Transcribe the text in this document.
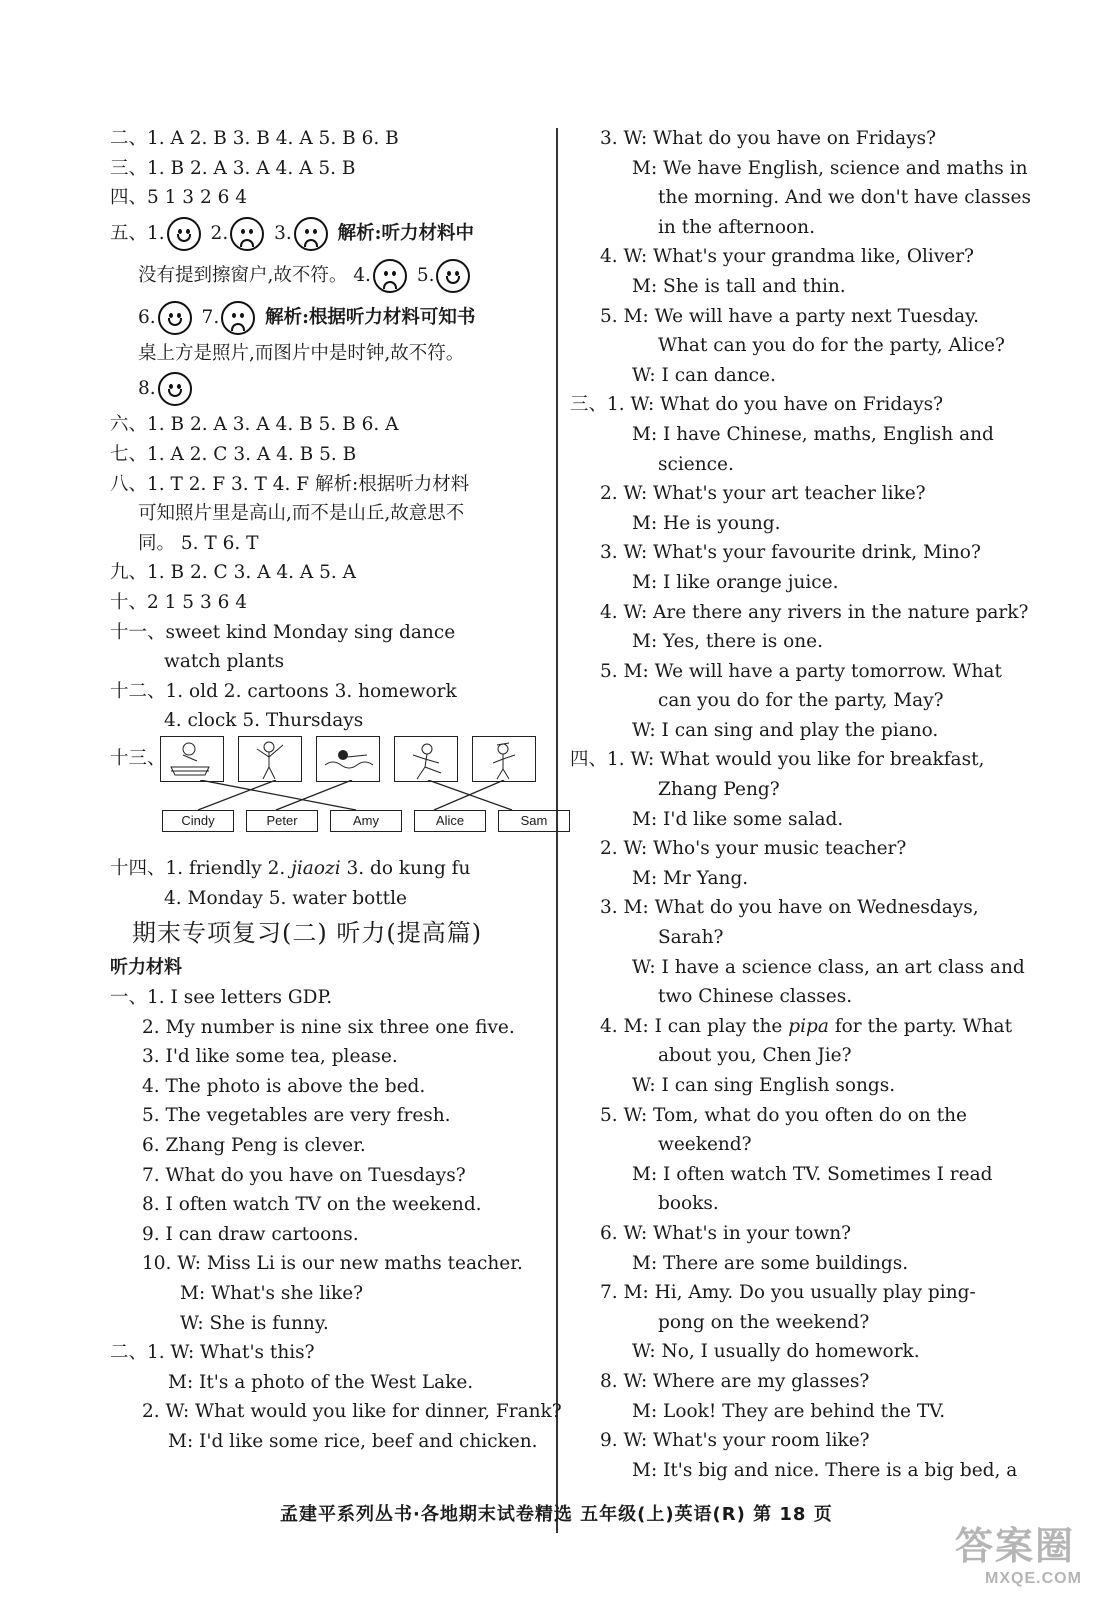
二、1. A 2. B 3. B 4. A 5. B 6. B
三、1. B 2. A 3. A 4. A 5. B
四、5 1 3 2 6 4
五、1. 2. 3. 解析:听力材料中
没有提到擦窗户,故不符。 4. 5.
6. 7. 解析:根据听力材料可知书
桌上方是照片,而图片中是时钟,故不符。
8.
六、1. B 2. A 3. A 4. B 5. B 6. A
七、1. A 2. C 3. A 4. B 5. B
八、1. T 2. F 3. T 4. F 解析:根据听力材料
可知照片里是高山,而不是山丘,故意思不
同。 5. T 6. T
九、1. B 2. C 3. A 4. A 5. A
十、2 1 5 3 6 4
十一、sweet kind Monday sing dance
watch plants
十二、1. old 2. cartoons 3. homework
4. clock 5. Thursdays
十三、
Cindy	Peter	Amy	Alice	Sam
十四、1. friendly 2. jiaozi 3. do kung fu
4. Monday 5. water bottle
期末专项复习(二) 听力(提高篇)
听力材料
一、1. I see letters GDP.
2. My number is nine six three one five.
3. I'd like some tea, please.
4. The photo is above the bed.
5. The vegetables are very fresh.
6. Zhang Peng is clever.
7. What do you have on Tuesdays?
8. I often watch TV on the weekend.
9. I can draw cartoons.
10. W: Miss Li is our new maths teacher.
M: What's she like?
W: She is funny.
二、1. W: What's this?
M: It's a photo of the West Lake.
2. W: What would you like for dinner, Frank?
M: I'd like some rice, beef and chicken.
3. W: What do you have on Fridays?
M: We have English, science and maths in
the morning. And we don't have classes
in the afternoon.
4. W: What's your grandma like, Oliver?
M: She is tall and thin.
5. M: We will have a party next Tuesday.
What can you do for the party, Alice?
W: I can dance.
三、1. W: What do you have on Fridays?
M: I have Chinese, maths, English and
science.
2. W: What's your art teacher like?
M: He is young.
3. W: What's your favourite drink, Mino?
M: I like orange juice.
4. W: Are there any rivers in the nature park?
M: Yes, there is one.
5. M: We will have a party tomorrow. What
can you do for the party, May?
W: I can sing and play the piano.
四、1. W: What would you like for breakfast,
Zhang Peng?
M: I'd like some salad.
2. W: Who's your music teacher?
M: Mr Yang.
3. M: What do you have on Wednesdays,
Sarah?
W: I have a science class, an art class and
two Chinese classes.
4. M: I can play the pipa for the party. What
about you, Chen Jie?
W: I can sing English songs.
5. W: Tom, what do you often do on the
weekend?
M: I often watch TV. Sometimes I read
books.
6. W: What's in your town?
M: There are some buildings.
7. M: Hi, Amy. Do you usually play ping-
pong on the weekend?
W: No, I usually do homework.
8. W: Where are my glasses?
M: Look! They are behind the TV.
9. W: What's your room like?
M: It's big and nice. There is a big bed, a
孟建平系列丛书·各地期末试卷精选 五年级(上)英语(R) 第 18 页
答案圈
MXQE.COM
